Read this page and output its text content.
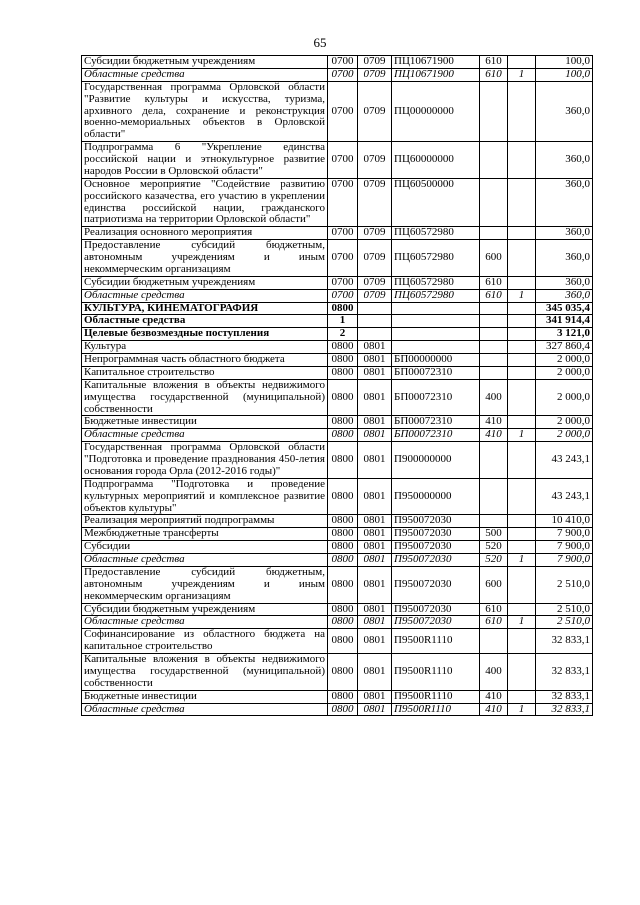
65
Субсидии бюджетным учреждениям	0700	0709	ПЦ10671900	610		100,0
Областные средства	0700	0709	ПЦ10671900	610	1	100,0
Государственная программа Орловской области "Развитие культуры и искусства, туризма, архивного дела, сохранение и реконструкция военно-мемориальных объектов в Орловской области"	0700	0709	ПЦ00000000			360,0
Подпрограмма 6 "Укрепление единства российской нации и этнокультурное развитие народов России в Орловской области"	0700	0709	ПЦ60000000			360,0
Основное мероприятие "Содействие развитию российского казачества, его участию в укреплении единства российской нации, гражданского патриотизма на территории Орловской области"	0700	0709	ПЦ60500000			360,0
Реализация основного мероприятия	0700	0709	ПЦ60572980			360,0
Предоставление субсидий бюджетным, автономным учреждениям и иным некоммерческим организациям	0700	0709	ПЦ60572980	600		360,0
Субсидии бюджетным учреждениям	0700	0709	ПЦ60572980	610		360,0
Областные средства	0700	0709	ПЦ60572980	610	1	360,0
КУЛЬТУРА, КИНЕМАТОГРАФИЯ	0800					345 035,4
Областные средства	1					341 914,4
Целевые безвозмездные поступления	2					3 121,0
Культура	0800	0801				327 860,4
Непрограммная часть областного бюджета	0800	0801	БП00000000			2 000,0
Капитальное строительство	0800	0801	БП00072310			2 000,0
Капитальные вложения в объекты недвижимого имущества государственной (муниципальной) собственности	0800	0801	БП00072310	400		2 000,0
Бюджетные инвестиции	0800	0801	БП00072310	410		2 000,0
Областные средства	0800	0801	БП00072310	410	1	2 000,0
Государственная программа Орловской области "Подготовка и проведение празднования 450-летия основания города Орла (2012-2016 годы)"	0800	0801	П900000000			43 243,1
Подпрограмма "Подготовка и проведение культурных мероприятий и комплексное развитие объектов культуры"	0800	0801	П950000000			43 243,1
Реализация мероприятий подпрограммы	0800	0801	П950072030			10 410,0
Межбюджетные трансферты	0800	0801	П950072030	500		7 900,0
Субсидии	0800	0801	П950072030	520		7 900,0
Областные средства	0800	0801	П950072030	520	1	7 900,0
Предоставление субсидий бюджетным, автономным учреждениям и иным некоммерческим организациям	0800	0801	П950072030	600		2 510,0
Субсидии бюджетным учреждениям	0800	0801	П950072030	610		2 510,0
Областные средства	0800	0801	П950072030	610	1	2 510,0
Софинансирование из областного бюджета на капитальное строительство	0800	0801	П9500R1110			32 833,1
Капитальные вложения в объекты недвижимого имущества государственной (муниципальной) собственности	0800	0801	П9500R1110	400		32 833,1
Бюджетные инвестиции	0800	0801	П9500R1110	410		32 833,1
Областные средства	0800	0801	П9500R1110	410	1	32 833,1
